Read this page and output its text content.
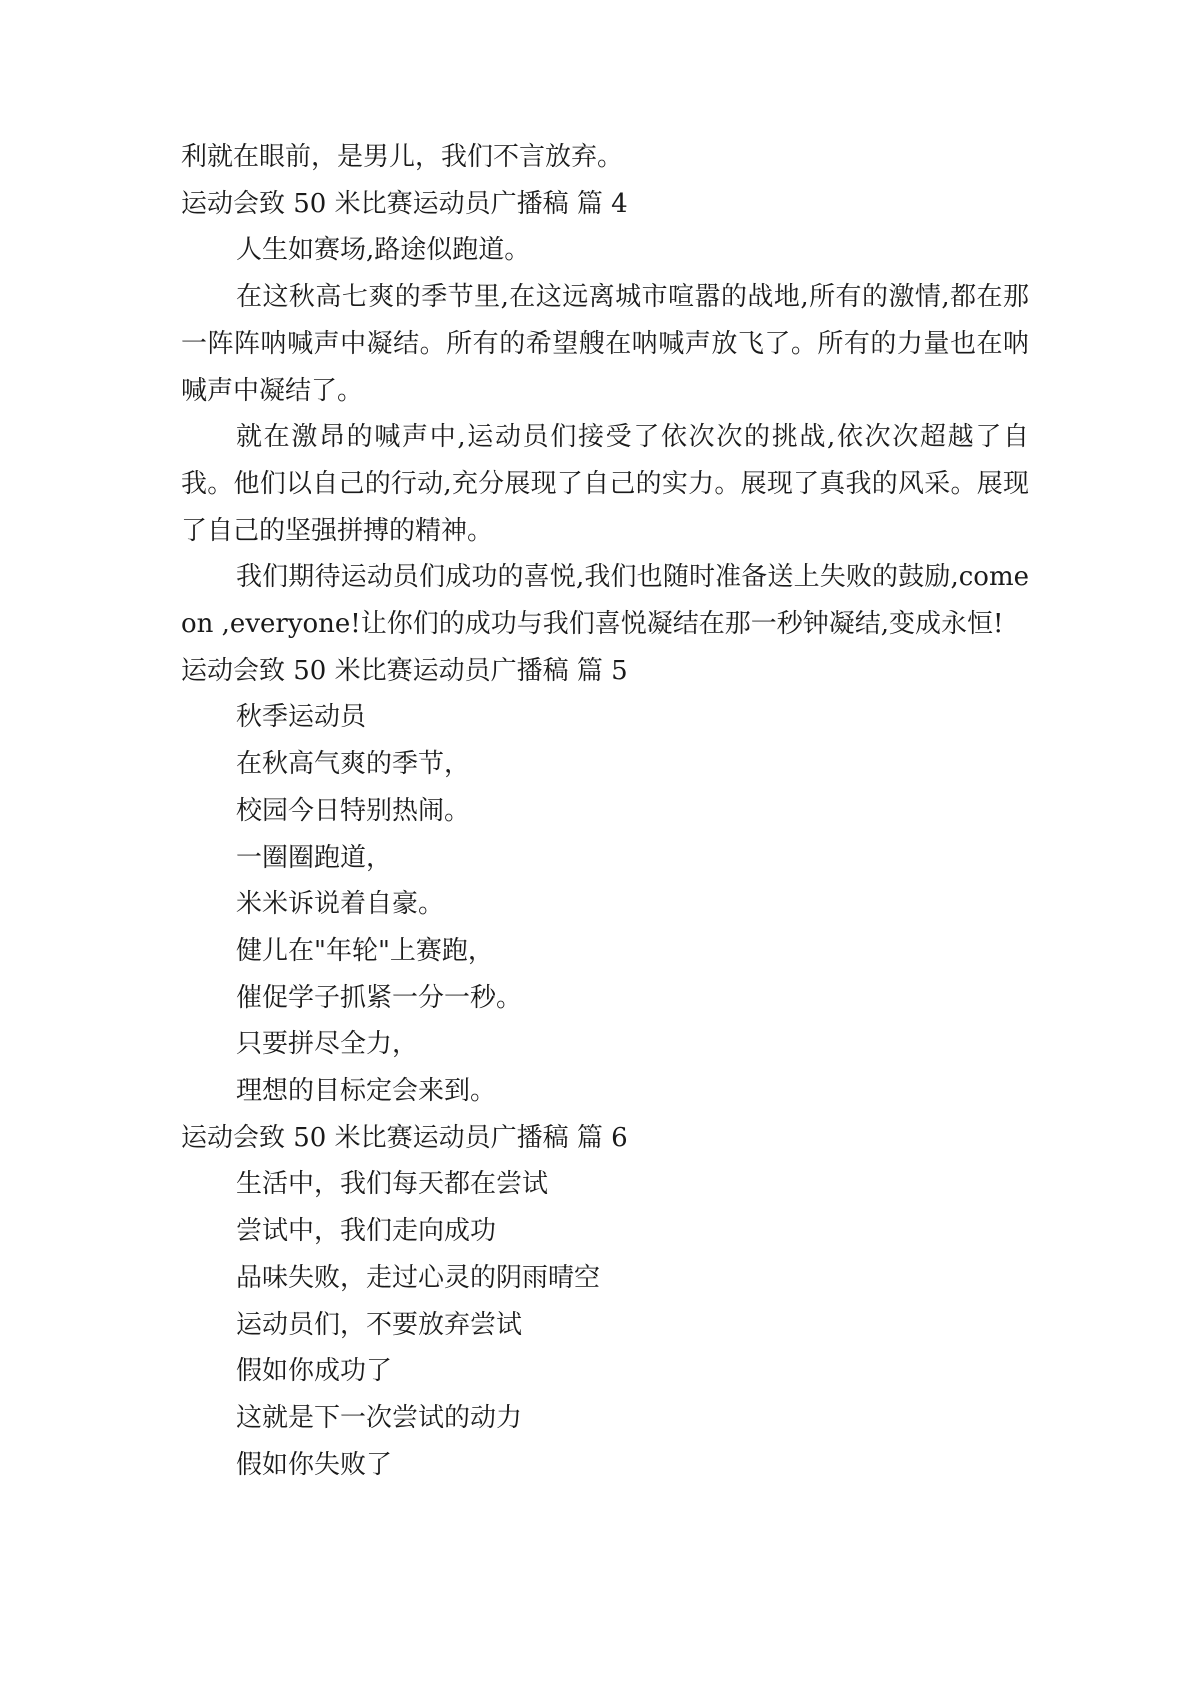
利就在眼前，是男儿，我们不言放弃。

运动会致 50 米比赛运动员广播稿 篇 4

人生如赛场,路途似跑道。

在这秋高七爽的季节里,在这远离城市喧嚣的战地,所有的激情,都在那一阵阵呐喊声中凝结。所有的希望艘在呐喊声放飞了。所有的力量也在呐喊声中凝结了。

就在激昂的喊声中,运动员们接受了依次次的挑战,依次次超越了自我。他们以自己的行动,充分展现了自己的实力。展现了真我的风采。展现了自己的坚强拼搏的精神。

我们期待运动员们成功的喜悦,我们也随时准备送上失败的鼓励,come on ,everyone!让你们的成功与我们喜悦凝结在那一秒钟凝结,变成永恒!

运动会致 50 米比赛运动员广播稿 篇 5

秋季运动员

在秋高气爽的季节，

校园今日特别热闹。

一圈圈跑道，

米米诉说着自豪。

健儿在"年轮"上赛跑，

催促学子抓紧一分一秒。

只要拼尽全力，

理想的目标定会来到。

运动会致 50 米比赛运动员广播稿 篇 6

生活中，我们每天都在尝试

尝试中，我们走向成功

品味失败，走过心灵的阴雨晴空

运动员们，不要放弃尝试

假如你成功了

这就是下一次尝试的动力

假如你失败了
